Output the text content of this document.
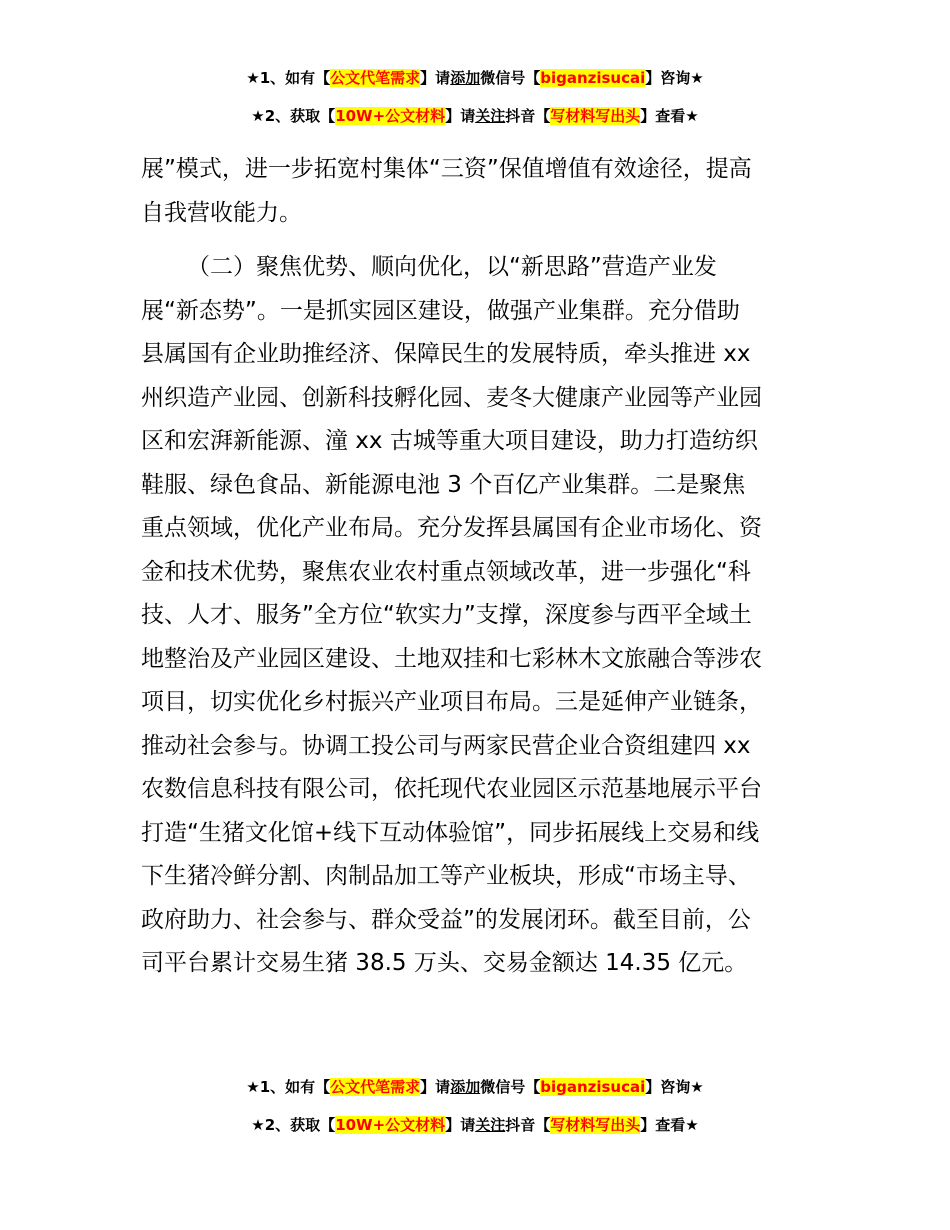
★1、如有【公文代笔需求】请添加微信号【biganzisucai】咨询★
★2、获取【10W+公文材料】请关注抖音【写材料写出头】查看★
展”模式，进一步拓宽村集体“三资”保值增值有效途径，提高
自我营收能力。
（二）聚焦优势、顺向优化，以“新思路”营造产业发
展“新态势”。一是抓实园区建设，做强产业集群。充分借助
县属国有企业助推经济、保障民生的发展特质，牵头推进 xx
州织造产业园、创新科技孵化园、麦冬大健康产业园等产业园
区和宏湃新能源、潼 xx 古城等重大项目建设，助力打造纺织
鞋服、绿色食品、新能源电池 3 个百亿产业集群。二是聚焦
重点领域，优化产业布局。充分发挥县属国有企业市场化、资
金和技术优势，聚焦农业农村重点领域改革，进一步强化“科
技、人才、服务”全方位“软实力”支撑，深度参与西平全域土
地整治及产业园区建设、土地双挂和七彩林木文旅融合等涉农
项目，切实优化乡村振兴产业项目布局。三是延伸产业链条，
推动社会参与。协调工投公司与两家民营企业合资组建四 xx
农数信息科技有限公司，依托现代农业园区示范基地展示平台
打造“生猪文化馆+线下互动体验馆”，同步拓展线上交易和线
下生猪冷鲜分割、肉制品加工等产业板块，形成“市场主导、
政府助力、社会参与、群众受益”的发展闭环。截至目前，公
司平台累计交易生猪 38.5 万头、交易金额达 14.35 亿元。
★1、如有【公文代笔需求】请添加微信号【biganzisucai】咨询★
★2、获取【10W+公文材料】请关注抖音【写材料写出头】查看★
